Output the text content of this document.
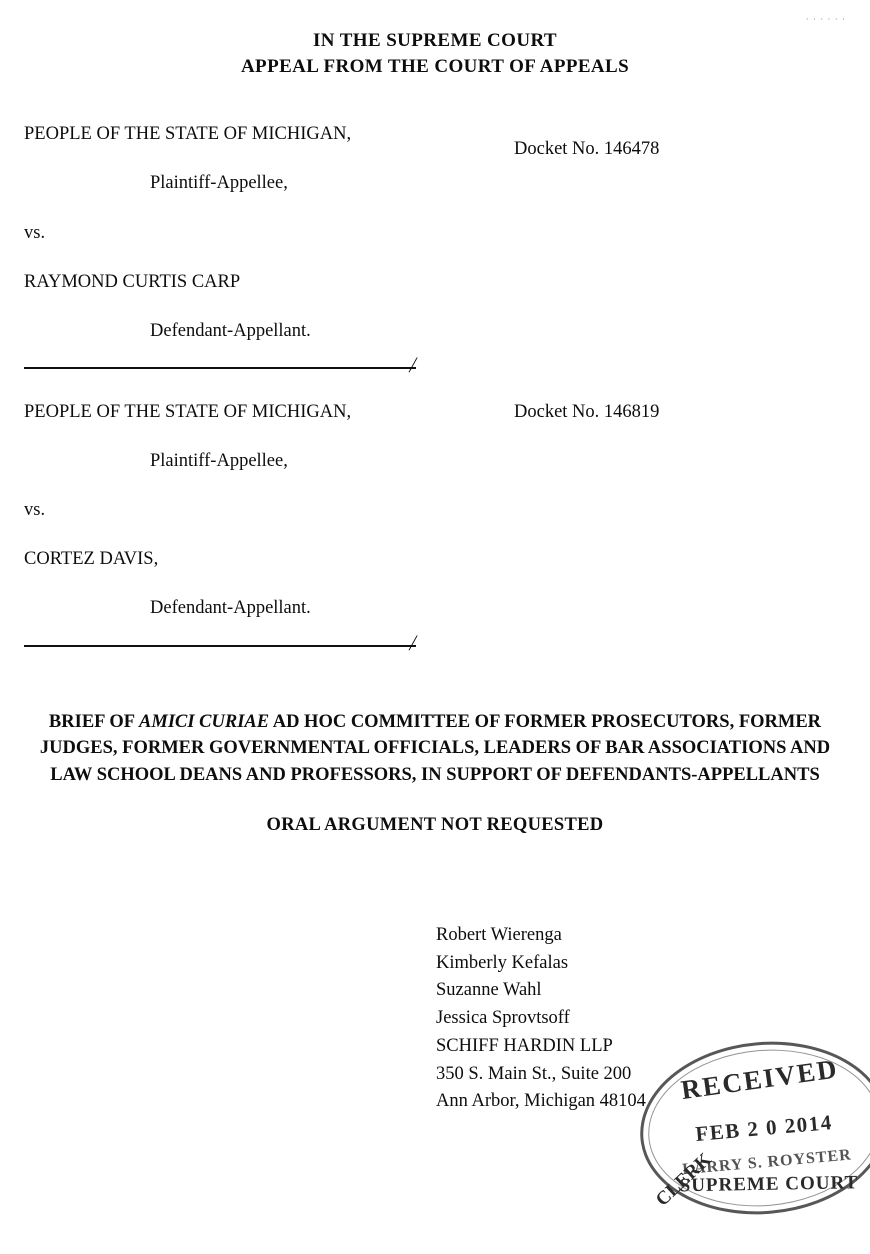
· · · · · ·
IN THE SUPREME COURT
APPEAL FROM THE COURT OF APPEALS
PEOPLE OF THE STATE OF MICHIGAN,
Plaintiff-Appellee,
Docket No. 146478
vs.
RAYMOND CURTIS CARP
Defendant-Appellant.
/
PEOPLE OF THE STATE OF MICHIGAN,	Docket No. 146819
Plaintiff-Appellee,
vs.
CORTEZ DAVIS,
Defendant-Appellant.
/
BRIEF OF AMICI CURIAE AD HOC COMMITTEE OF FORMER PROSECUTORS, FORMER JUDGES, FORMER GOVERNMENTAL OFFICIALS, LEADERS OF BAR ASSOCIATIONS AND LAW SCHOOL DEANS AND PROFESSORS, IN SUPPORT OF DEFENDANTS-APPELLANTS
ORAL ARGUMENT NOT REQUESTED
Robert Wierenga
Kimberly Kefalas
Suzanne Wahl
Jessica Sprovtsoff
SCHIFF HARDIN LLP
350 S. Main St., Suite 200
Ann Arbor, Michigan 48104	RECEIVED
FEB 2 0 2014
LARRY S. ROYSTER
CLERK
SUPREME COURT
